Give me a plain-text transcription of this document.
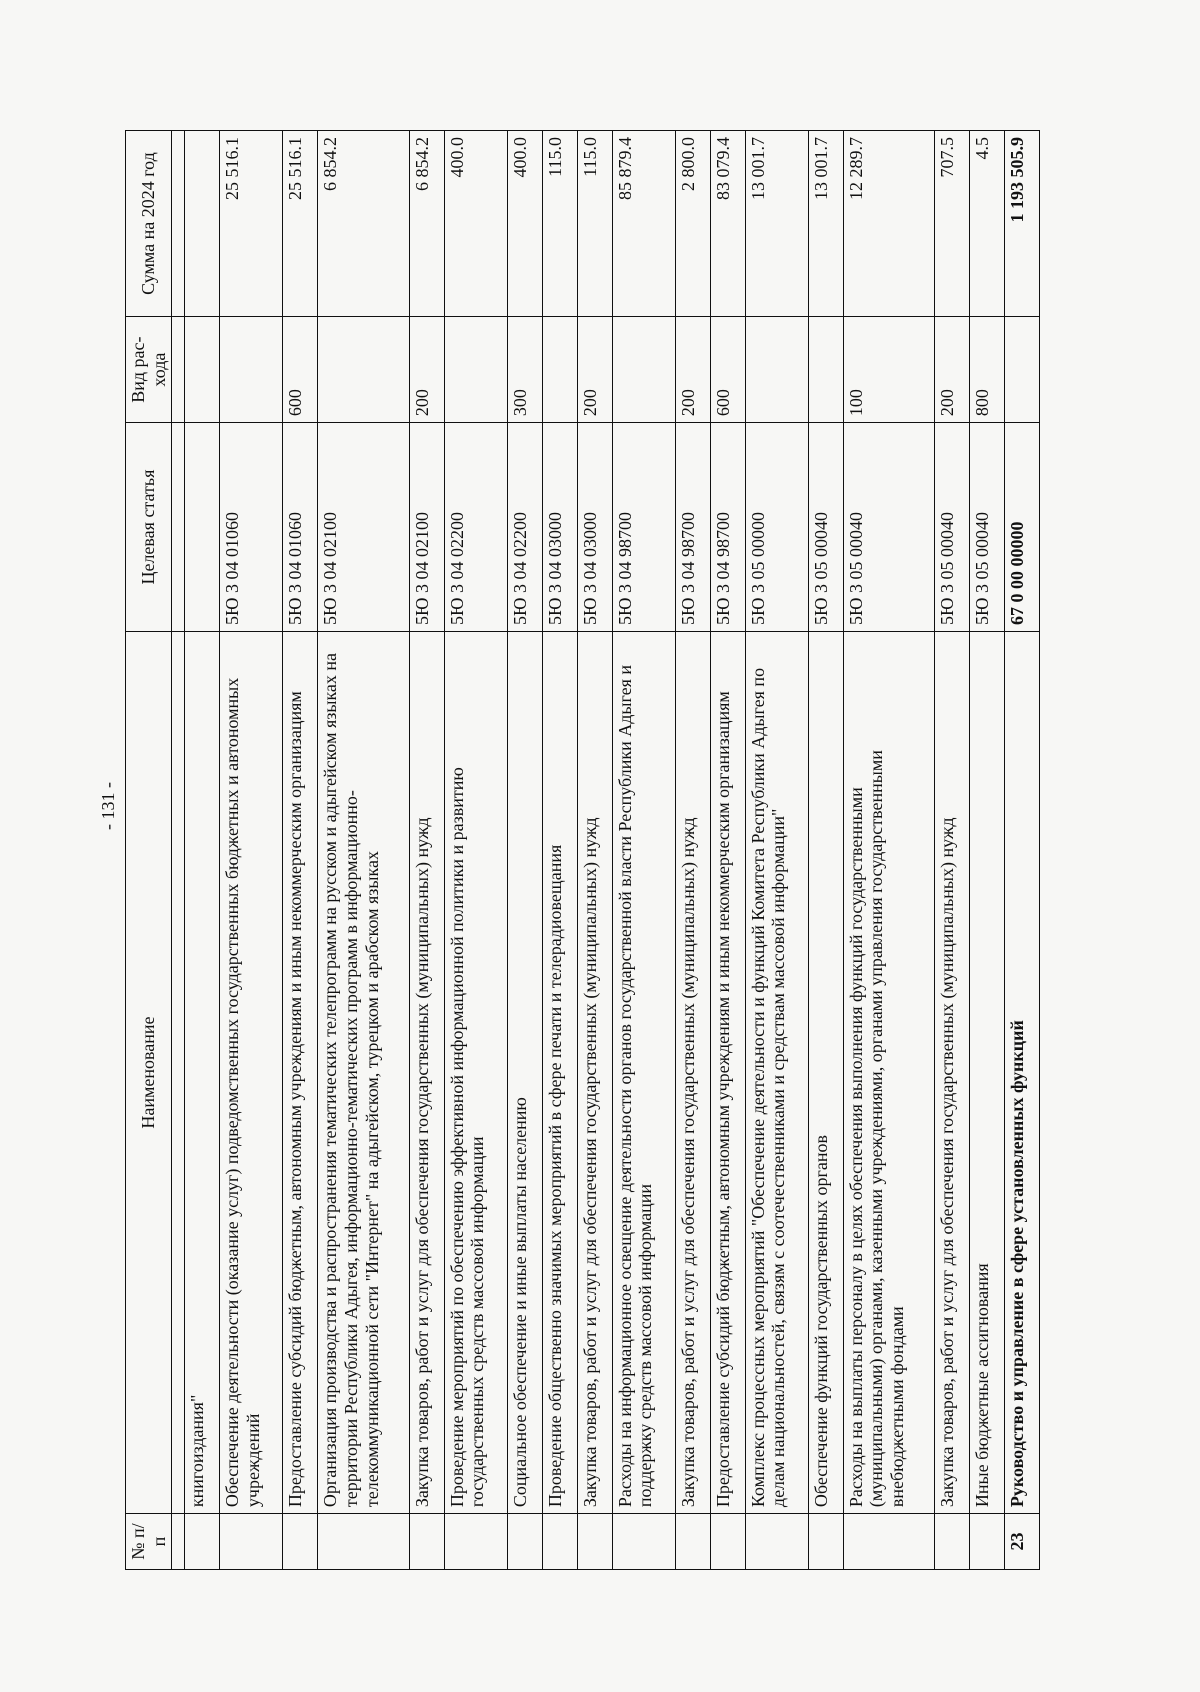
- 131 -
№ п/п	Наименование	Целевая статья	Вид рас- хода	Сумма на 2024 год

	книгоиздания"			
	Обеспечение деятельности (оказание услуг) подведомственных государственных бюджетных и автономных учреждений	5Ю 3 04 01060		25 516.1
	Предоставление субсидий бюджетным, автономным учреждениям и иным некоммерческим организациям	5Ю 3 04 01060	600	25 516.1
	Организация производства и распространения тематических телепрограмм на русском и адыгейском языках на территории Республики Адыгея, информационно-тематических программ в информационно-телекоммуникационной сети "Интернет" на адыгейском, турецком и арабском языках	5Ю 3 04 02100		6 854.2
	Закупка товаров, работ и услуг для обеспечения государственных (муниципальных) нужд	5Ю 3 04 02100	200	6 854.2
	Проведение мероприятий по обеспечению эффективной информационной политики и развитию государственных средств массовой информации	5Ю 3 04 02200		400.0
	Социальное обеспечение и иные выплаты населению	5Ю 3 04 02200	300	400.0
	Проведение общественно значимых мероприятий в сфере печати и телерадиовещания	5Ю 3 04 03000		115.0
	Закупка товаров, работ и услуг для обеспечения государственных (муниципальных) нужд	5Ю 3 04 03000	200	115.0
	Расходы на информационное освещение деятельности органов государственной власти Республики Адыгея и поддержку средств массовой информации	5Ю 3 04 98700		85 879.4
	Закупка товаров, работ и услуг для обеспечения государственных (муниципальных) нужд	5Ю 3 04 98700	200	2 800.0
	Предоставление субсидий бюджетным, автономным учреждениям и иным некоммерческим организациям	5Ю 3 04 98700	600	83 079.4
	Комплекс процессных мероприятий "Обеспечение деятельности и функций Комитета Республики Адыгея по делам национальностей, связям с соотечественниками и средствам массовой информации"	5Ю 3 05 00000		13 001.7
	Обеспечение функций государственных органов	5Ю 3 05 00040		13 001.7
	Расходы на выплаты персоналу в целях обеспечения выполнения функций государственными (муниципальными) органами, казенными учреждениями, органами управления государственными внебюджетными фондами	5Ю 3 05 00040	100	12 289.7
	Закупка товаров, работ и услуг для обеспечения государственных (муниципальных) нужд	5Ю 3 05 00040	200	707.5
	Иные бюджетные ассигнования	5Ю 3 05 00040	800	4.5
23	Руководство и управление в сфере установленных функций	67 0 00 00000		1 193 505.9
